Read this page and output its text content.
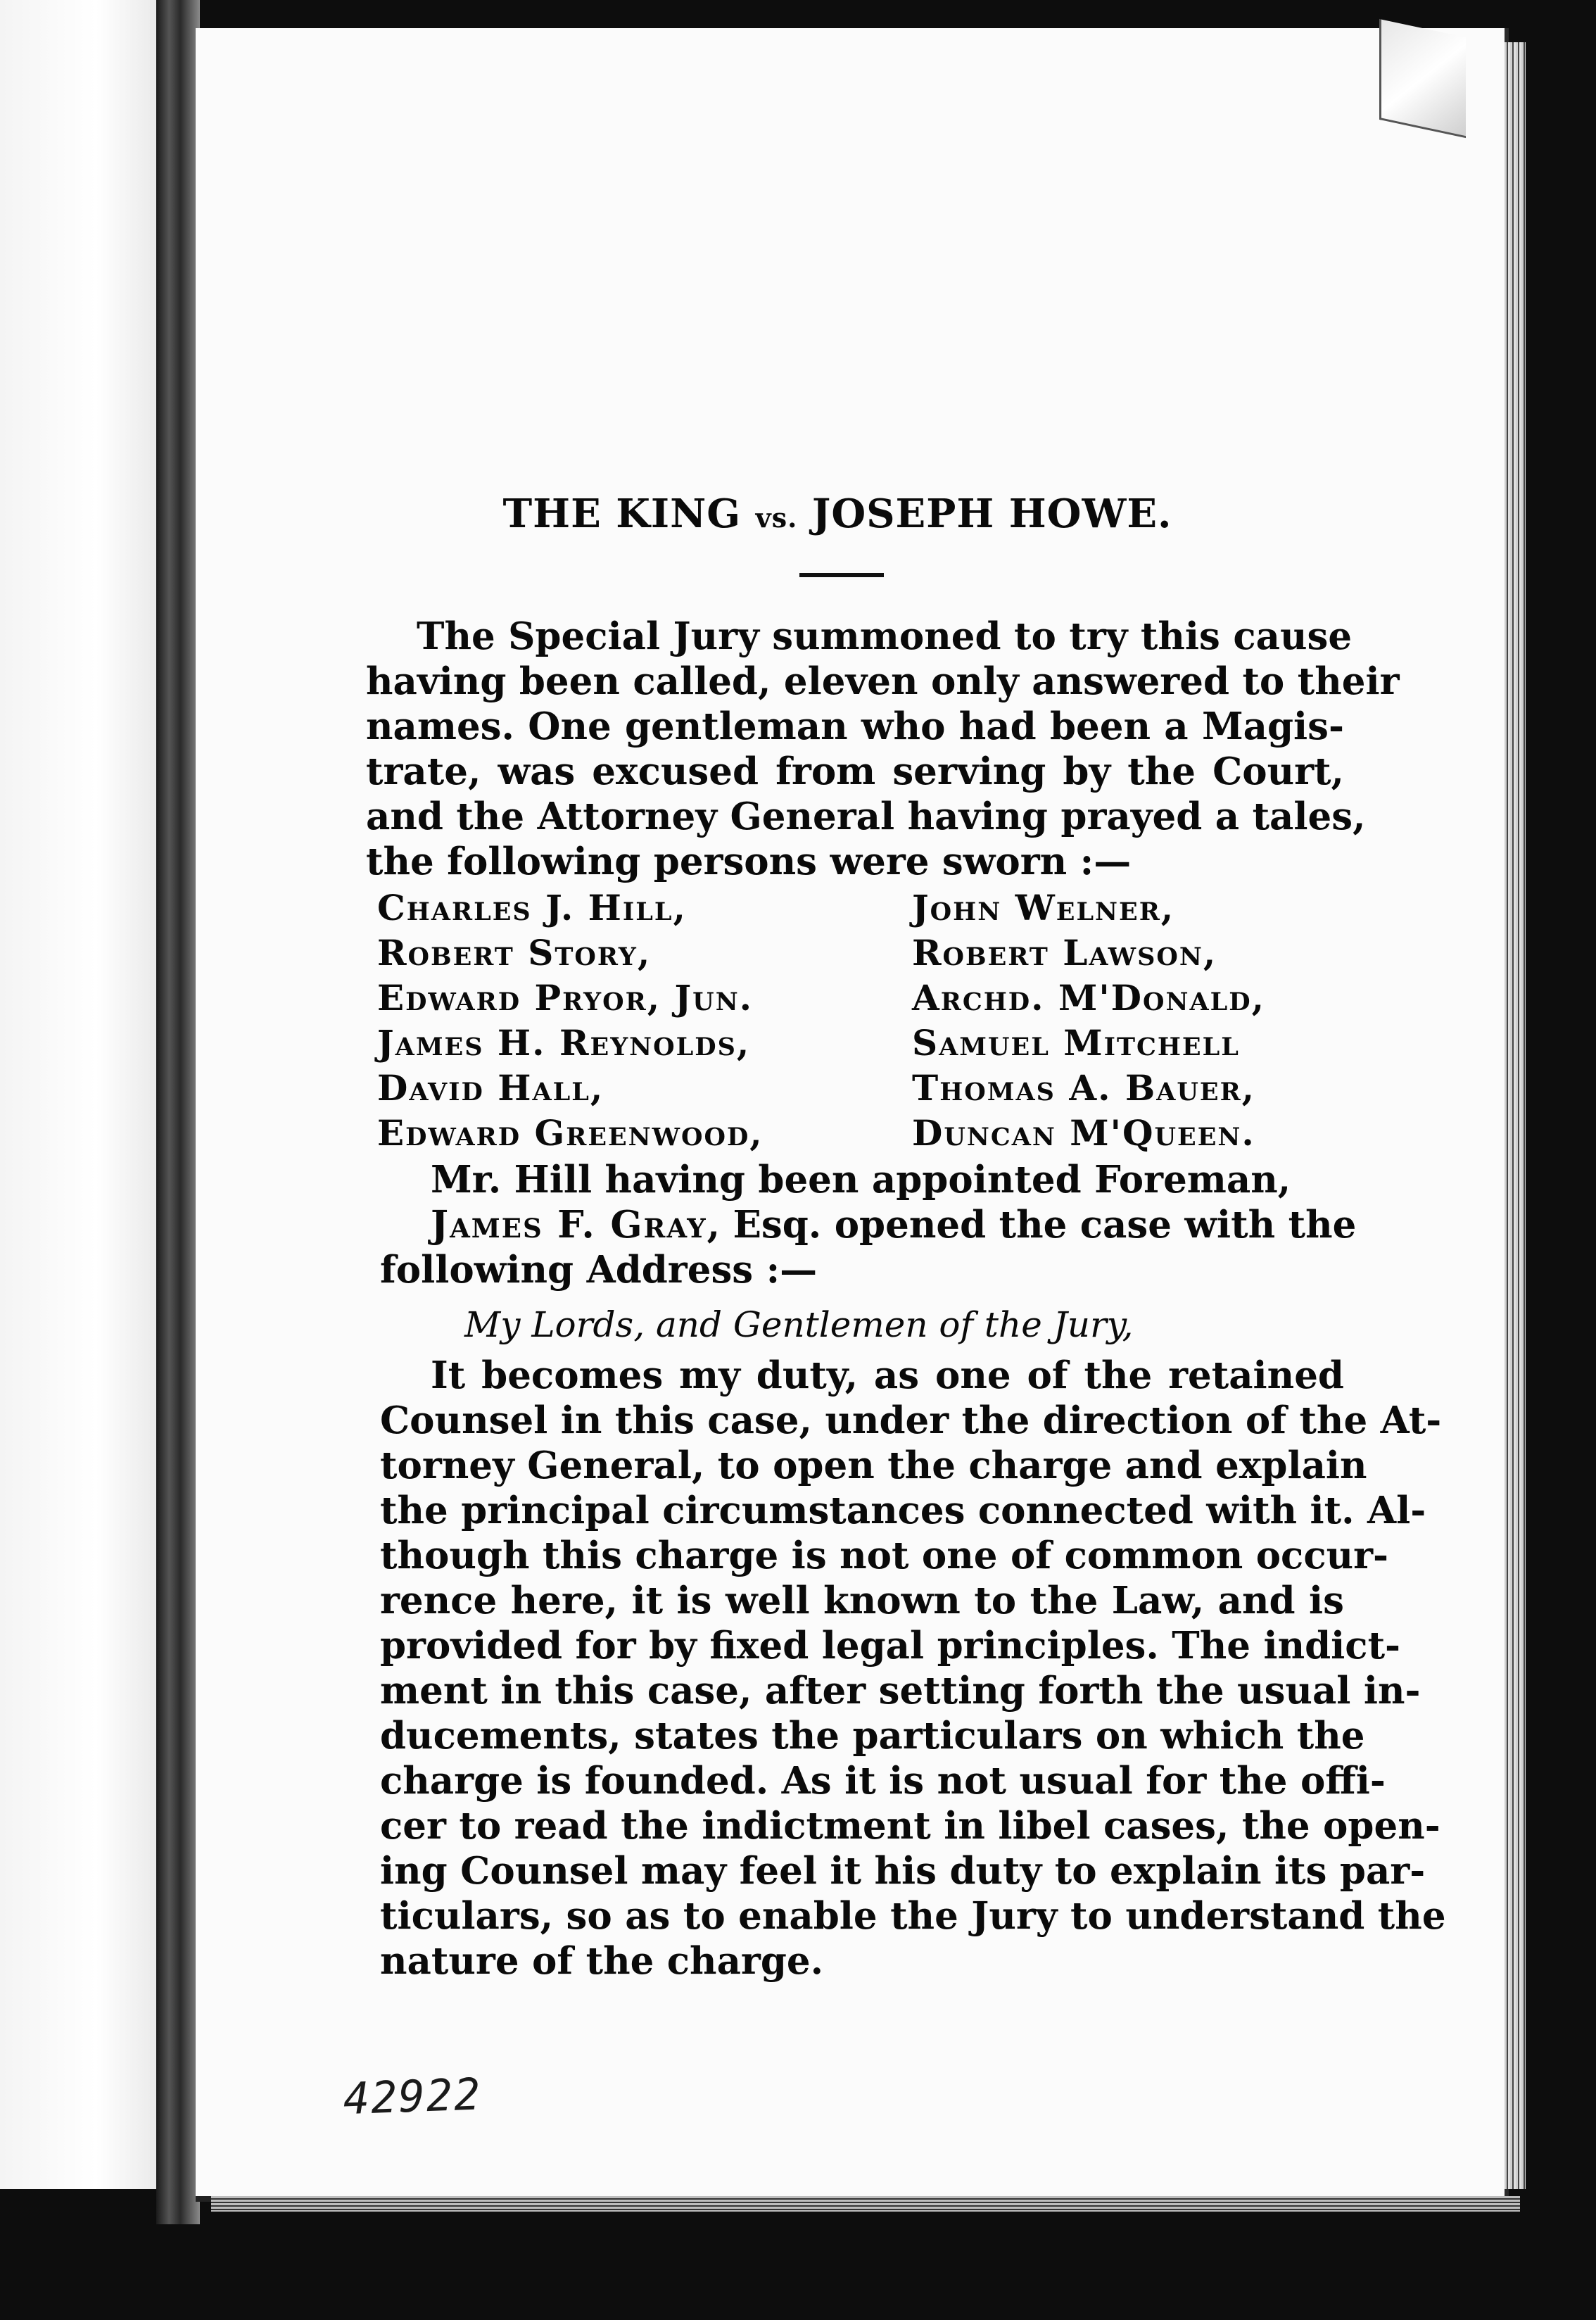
THE KING vs. JOSEPH HOWE.
The Special Jury summoned to try this cause
having been called, eleven only answered to their
names. One gentleman who had been a Magis-
trate, was excused from serving by the Court,
and the Attorney General having prayed a tales,
the following persons were sworn :—
Charles J. Hill,	John Welner,
Robert Story,	Robert Lawson,
Edward Pryor, Jun.	Archd. M'Donald,
James H. Reynolds,	Samuel Mitchell
David Hall,	Thomas A. Bauer,
Edward Greenwood,	Duncan M'Queen.
Mr. Hill having been appointed Foreman,
James F. Gray, Esq. opened the case with the
following Address :—
My Lords, and Gentlemen of the Jury,
It becomes my duty, as one of the retained
Counsel in this case, under the direction of the At-
torney General, to open the charge and explain
the principal circumstances connected with it. Al-
though this charge is not one of common occur-
rence here, it is well known to the Law, and is
provided for by fixed legal principles. The indict-
ment in this case, after setting forth the usual in-
ducements, states the particulars on which the
charge is founded. As it is not usual for the offi-
cer to read the indictment in libel cases, the open-
ing Counsel may feel it his duty to explain its par-
ticulars, so as to enable the Jury to understand the
nature of the charge.
42922
